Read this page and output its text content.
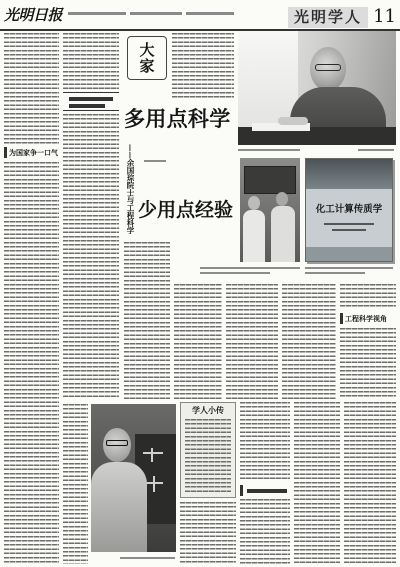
光明日报	光明学人 11
为国家争一口气
大家
多用点科学
——余国琮院士与工程科学 少用点经验	化工计算传质学
工程科学视角
学人小传
